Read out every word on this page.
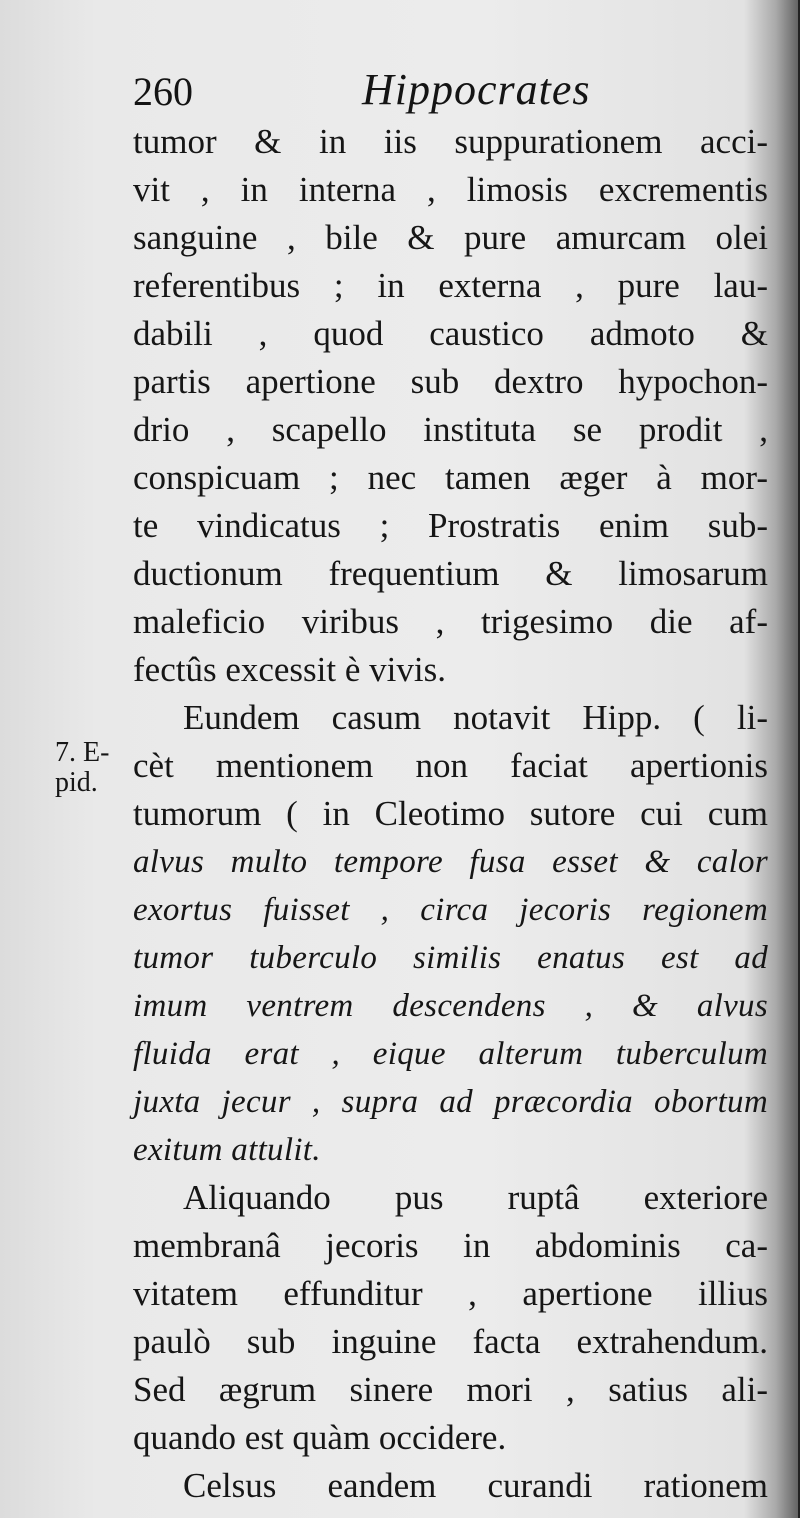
260	Hippocrates
7. E-
pid.
tumor & in iis suppurationem acci-
vit , in interna , limosis excrementis
sanguine , bile & pure amurcam olei
referentibus ; in externa , pure lau-
dabili , quod caustico admoto &
partis apertione sub dextro hypochon-
drio , scapello instituta se prodit ,
conspicuam ; nec tamen æger à mor-
te vindicatus ; Prostratis enim sub-
ductionum frequentium & limosarum
maleficio viribus , trigesimo die af-
fectûs excessit è vivis.
Eundem casum notavit Hipp. ( li-
cèt mentionem non faciat apertionis
tumorum ( in Cleotimo sutore cui cum
alvus multo tempore fusa esset & calor
exortus fuisset , circa jecoris regionem
tumor tuberculo similis enatus est ad
imum ventrem descendens , & alvus
fluida erat , eique alterum tuberculum
juxta jecur , supra ad præcordia obortum
exitum attulit.
Aliquando pus ruptâ exteriore
membranâ jecoris in abdominis ca-
vitatem effunditur , apertione illius
paulò sub inguine facta extrahendum.
Sed ægrum sinere mori , satius ali-
quando est quàm occidere.
Celsus eandem curandi rationem
